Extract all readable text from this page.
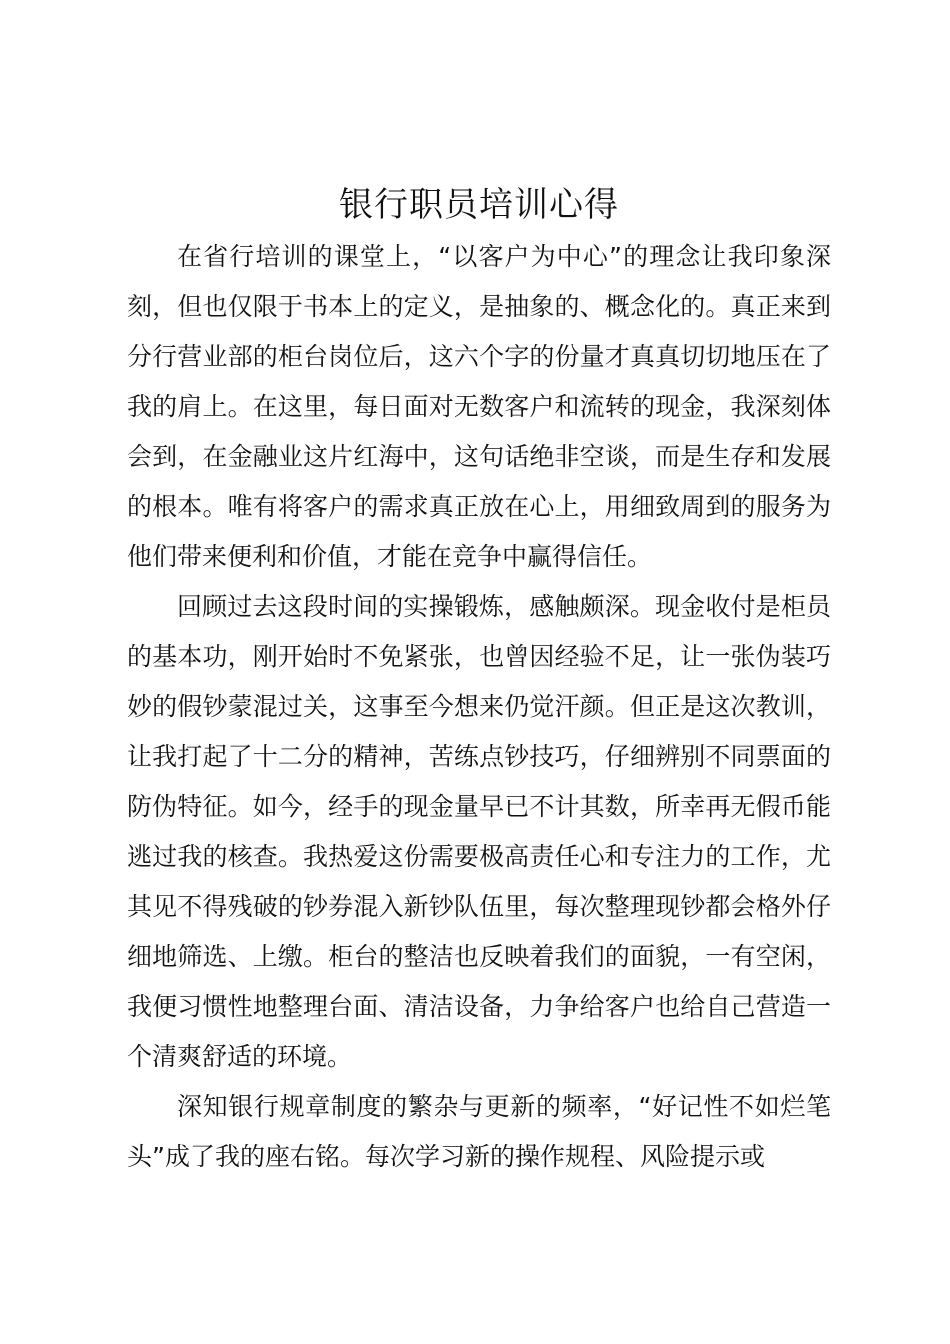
银行职员培训心得

在省行培训的课堂上，“以客户为中心”的理念让我印象深刻，但也仅限于书本上的定义，是抽象的、概念化的。真正来到分行营业部的柜台岗位后，这六个字的份量才真真切切地压在了我的肩上。在这里，每日面对无数客户和流转的现金，我深刻体会到，在金融业这片红海中，这句话绝非空谈，而是生存和发展的根本。唯有将客户的需求真正放在心上，用细致周到的服务为他们带来便利和价值，才能在竞争中赢得信任。

回顾过去这段时间的实操锻炼，感触颇深。现金收付是柜员的基本功，刚开始时不免紧张，也曾因经验不足，让一张伪装巧妙的假钞蒙混过关，这事至今想来仍觉汗颜。但正是这次教训，让我打起了十二分的精神，苦练点钞技巧，仔细辨别不同票面的防伪特征。如今，经手的现金量早已不计其数，所幸再无假币能逃过我的核查。我热爱这份需要极高责任心和专注力的工作，尤其见不得残破的钞券混入新钞队伍里，每次整理现钞都会格外仔细地筛选、上缴。柜台的整洁也反映着我们的面貌，一有空闲，我便习惯性地整理台面、清洁设备，力争给客户也给自己营造一个清爽舒适的环境。

深知银行规章制度的繁杂与更新的频率，“好记性不如烂笔头”成了我的座右铭。每次学习新的操作规程、风险提示或
